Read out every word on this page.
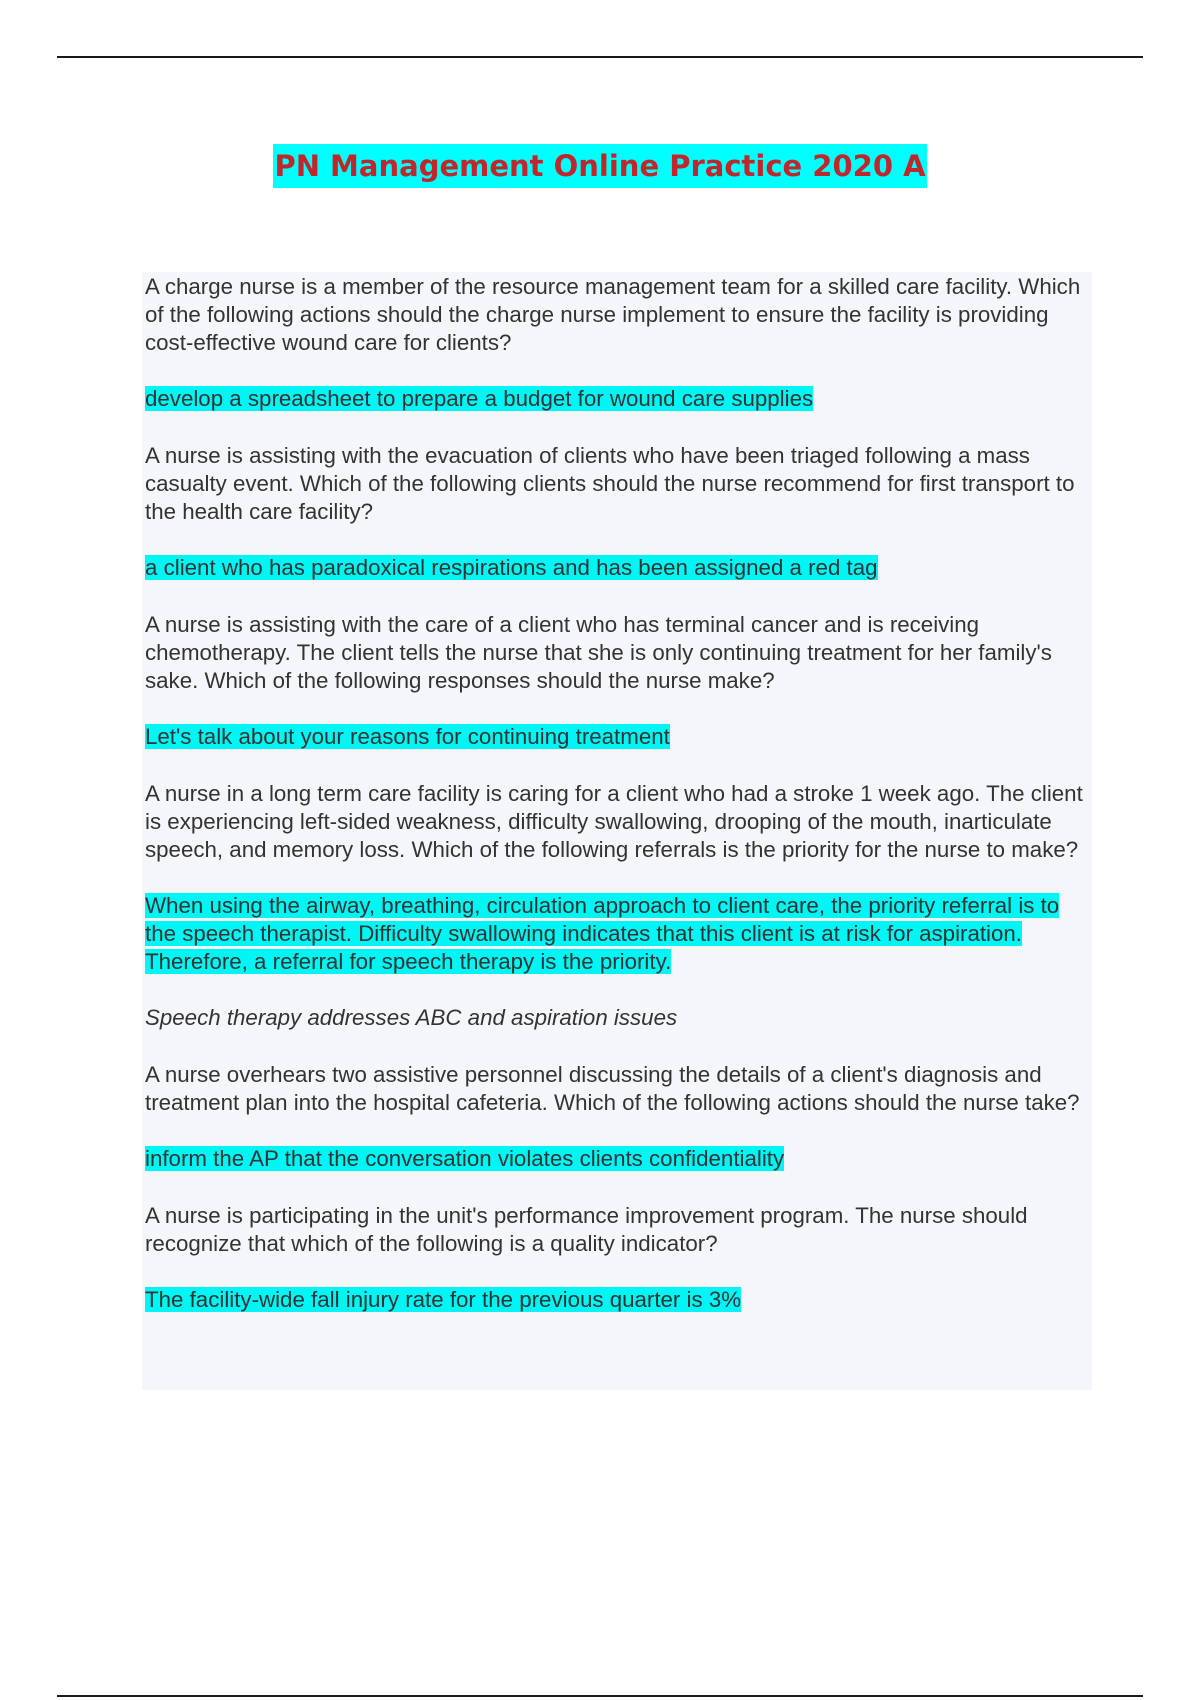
PN Management Online Practice 2020 A

A charge nurse is a member of the resource management team for a skilled care facility. Which of the following actions should the charge nurse implement to ensure the facility is providing cost-effective wound care for clients?

develop a spreadsheet to prepare a budget for wound care supplies

A nurse is assisting with the evacuation of clients who have been triaged following a mass casualty event. Which of the following clients should the nurse recommend for first transport to the health care facility?

a client who has paradoxical respirations and has been assigned a red tag

A nurse is assisting with the care of a client who has terminal cancer and is receiving chemotherapy. The client tells the nurse that she is only continuing treatment for her family's sake. Which of the following responses should the nurse make?

Let's talk about your reasons for continuing treatment

A nurse in a long term care facility is caring for a client who had a stroke 1 week ago. The client is experiencing left-sided weakness, difficulty swallowing, drooping of the mouth, inarticulate speech, and memory loss. Which of the following referrals is the priority for the nurse to make?

When using the airway, breathing, circulation approach to client care, the priority referral is to the speech therapist. Difficulty swallowing indicates that this client is at risk for aspiration. Therefore, a referral for speech therapy is the priority.

Speech therapy addresses ABC and aspiration issues

A nurse overhears two assistive personnel discussing the details of a client's diagnosis and treatment plan into the hospital cafeteria. Which of the following actions should the nurse take?

inform the AP that the conversation violates clients confidentiality

A nurse is participating in the unit's performance improvement program. The nurse should recognize that which of the following is a quality indicator?

The facility-wide fall injury rate for the previous quarter is 3%
